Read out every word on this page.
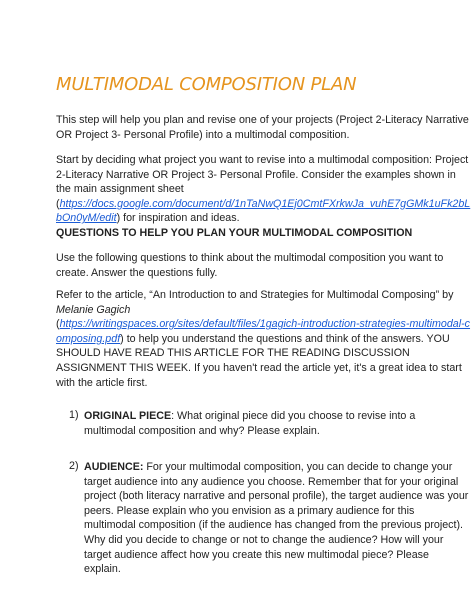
MULTIMODAL COMPOSITION PLAN
This step will help you plan and revise one of your projects (Project 2-Literacy Narrative
OR Project 3- Personal Profile) into a multimodal composition.
Start by deciding what project you want to revise into a multimodal composition: Project
2-Literacy Narrative OR Project 3- Personal Profile. Consider the examples shown in
the main assignment sheet
(https://docs.google.com/document/d/1nTaNwQ1Ej0CmtFXrkwJa_vuhE7gGMk1uFk2bL
bOn0yM/edit) for inspiration and ideas.
QUESTIONS TO HELP YOU PLAN YOUR MULTIMODAL COMPOSITION
Use the following questions to think about the multimodal composition you want to
create. Answer the questions fully.
Refer to the article, “An Introduction to and Strategies for Multimodal Composing” by
Melanie Gagich
(https://writingspaces.org/sites/default/files/1gagich-introduction-strategies-multimodal-c
omposing.pdf) to help you understand the questions and think of the answers. YOU
SHOULD HAVE READ THIS ARTICLE FOR THE READING DISCUSSION
ASSIGNMENT THIS WEEK. If you haven't read the article yet, it's a great idea to start
with the article first.
1) ORIGINAL PIECE: What original piece did you choose to revise into a
multimodal composition and why? Please explain.
2) AUDIENCE: For your multimodal composition, you can decide to change your
target audience into any audience you choose. Remember that for your original
project (both literacy narrative and personal profile), the target audience was your
peers. Please explain who you envision as a primary audience for this
multimodal composition (if the audience has changed from the previous project).
Why did you decide to change or not to change the audience? How will your
target audience affect how you create this new multimodal piece? Please
explain.
